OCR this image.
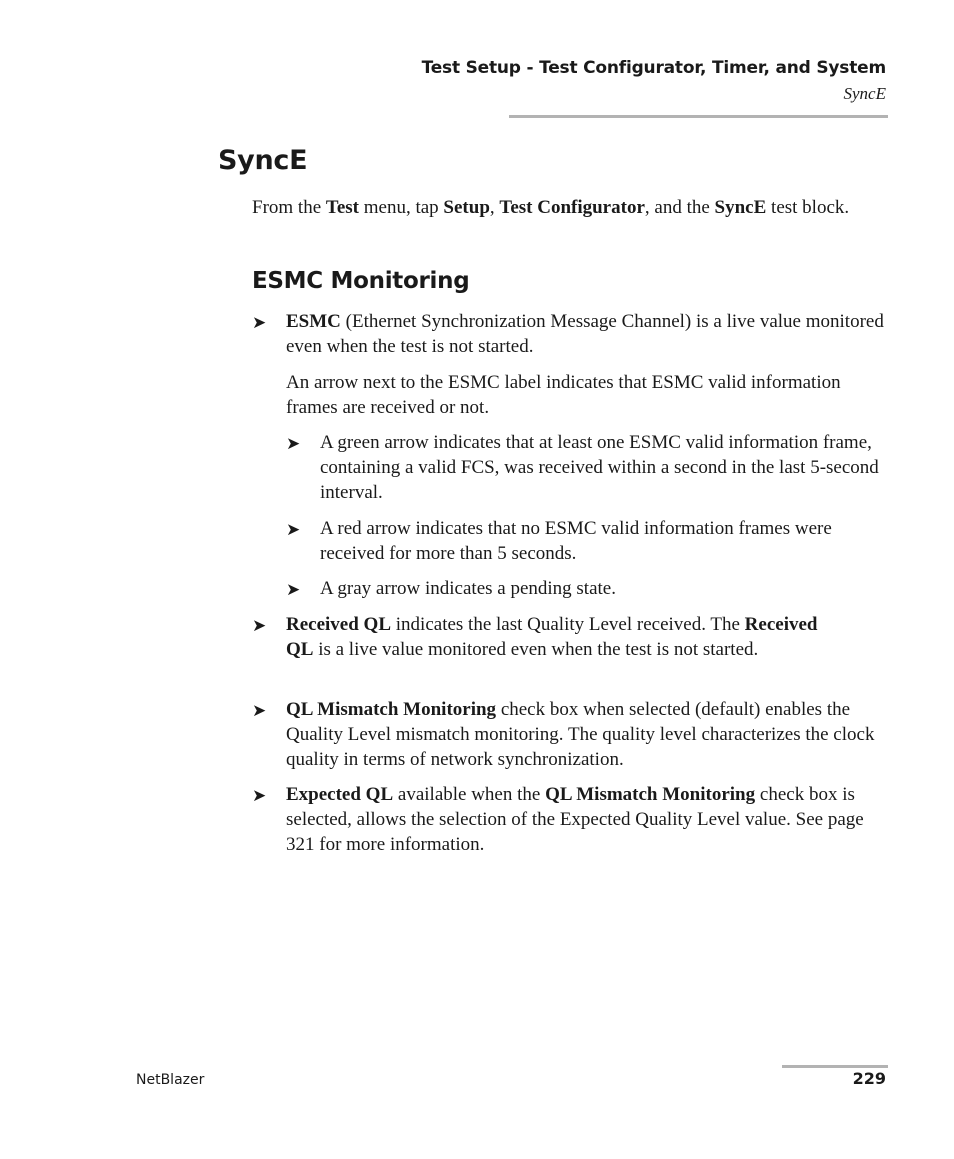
Test Setup - Test Configurator, Timer, and System
SyncE
SyncE

From the Test menu, tap Setup, Test Configurator, and the SyncE test block.

ESMC Monitoring
➤ ESMC (Ethernet Synchronization Message Channel) is a live value monitored even when the test is not started.

An arrow next to the ESMC label indicates that ESMC valid information frames are received or not.

➤ A green arrow indicates that at least one ESMC valid information frame, containing a valid FCS, was received within a second in the last 5-second interval.

➤ A red arrow indicates that no ESMC valid information frames were received for more than 5 seconds.

➤ A gray arrow indicates a pending state.

➤ Received QL indicates the last Quality Level received. The Received QL is a live value monitored even when the test is not started.

➤ QL Mismatch Monitoring check box when selected (default) enables the Quality Level mismatch monitoring. The quality level characterizes the clock quality in terms of network synchronization.

➤ Expected QL available when the QL Mismatch Monitoring check box is selected, allows the selection of the Expected Quality Level value. See page 321 for more information.

NetBlazer	229
